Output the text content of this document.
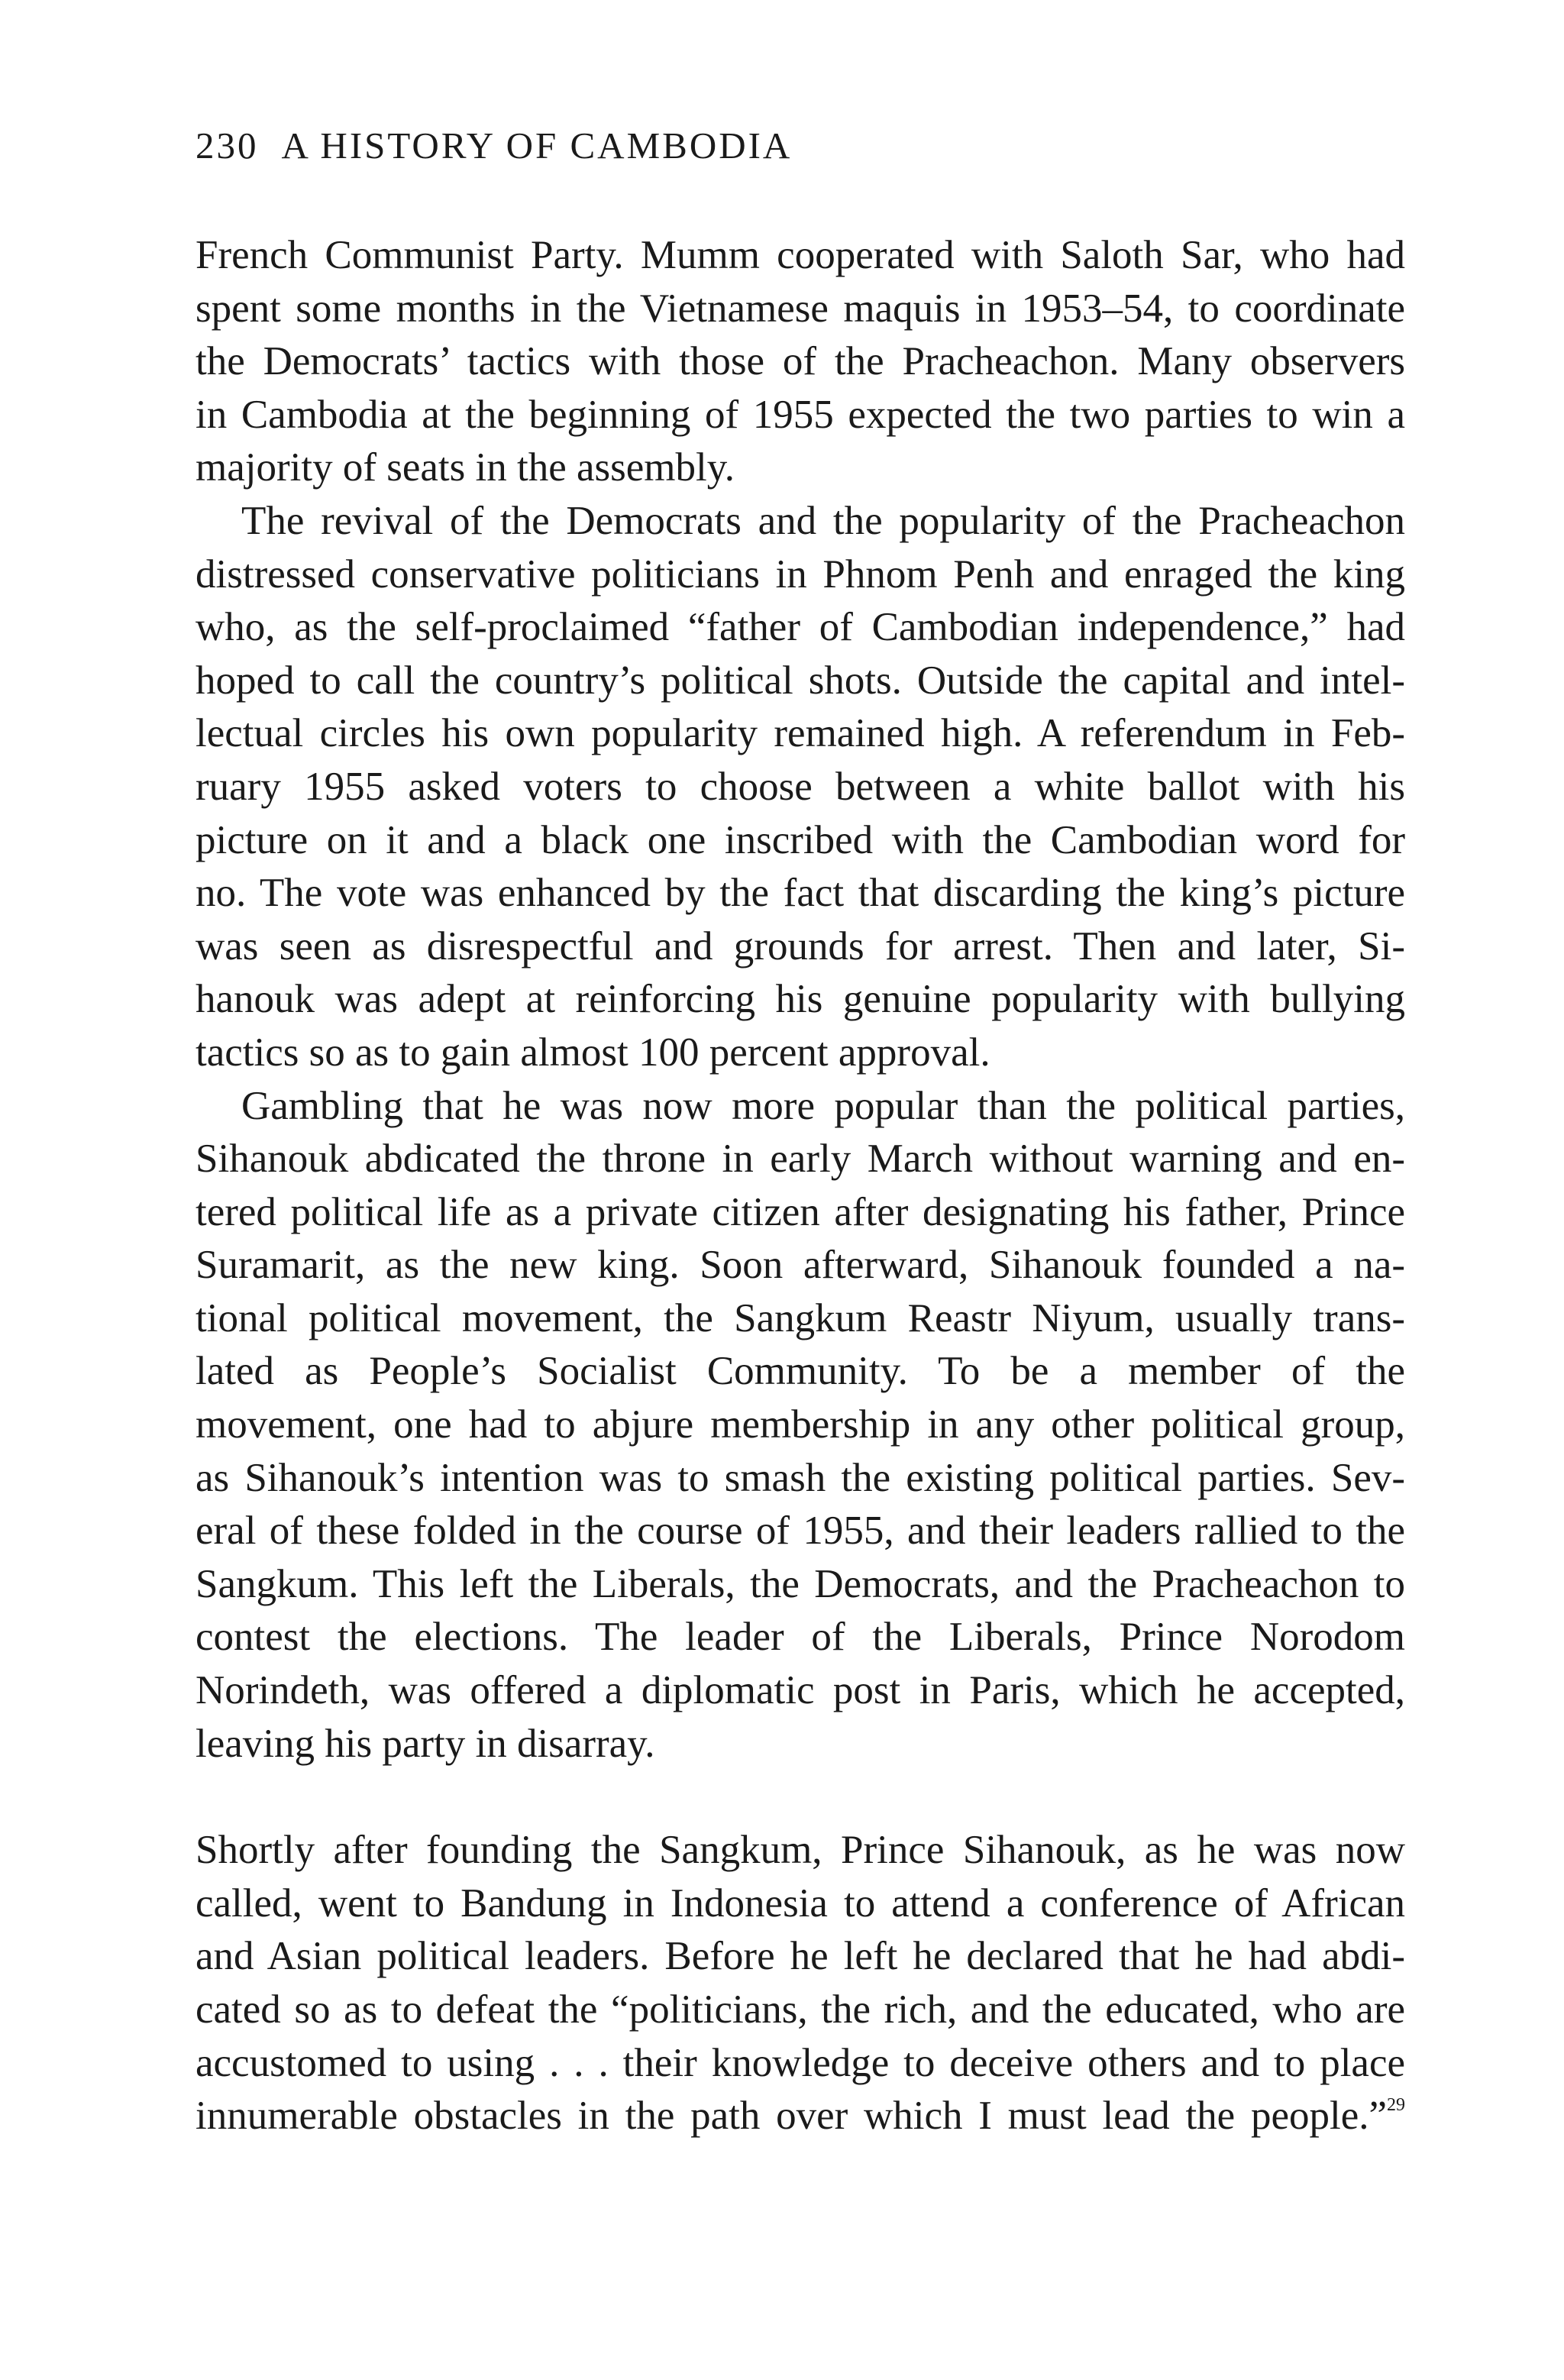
230 A HISTORY OF CAMBODIA
French Communist Party. Mumm cooperated with Saloth Sar, who had
spent some months in the Vietnamese maquis in 1953–54, to coordinate
the Democrats’ tactics with those of the Pracheachon. Many observers
in Cambodia at the beginning of 1955 expected the two parties to win a
majority of seats in the assembly.
The revival of the Democrats and the popularity of the Pracheachon
distressed conservative politicians in Phnom Penh and enraged the king
who, as the self-proclaimed “father of Cambodian independence,” had
hoped to call the country’s political shots. Outside the capital and intel-
lectual circles his own popularity remained high. A referendum in Feb-
ruary 1955 asked voters to choose between a white ballot with his
picture on it and a black one inscribed with the Cambodian word for
no. The vote was enhanced by the fact that discarding the king’s picture
was seen as disrespectful and grounds for arrest. Then and later, Si-
hanouk was adept at reinforcing his genuine popularity with bullying
tactics so as to gain almost 100 percent approval.
Gambling that he was now more popular than the political parties,
Sihanouk abdicated the throne in early March without warning and en-
tered political life as a private citizen after designating his father, Prince
Suramarit, as the new king. Soon afterward, Sihanouk founded a na-
tional political movement, the Sangkum Reastr Niyum, usually trans-
lated as People’s Socialist Community. To be a member of the
movement, one had to abjure membership in any other political group,
as Sihanouk’s intention was to smash the existing political parties. Sev-
eral of these folded in the course of 1955, and their leaders rallied to the
Sangkum. This left the Liberals, the Democrats, and the Pracheachon to
contest the elections. The leader of the Liberals, Prince Norodom
Norindeth, was offered a diplomatic post in Paris, which he accepted,
leaving his party in disarray.
Shortly after founding the Sangkum, Prince Sihanouk, as he was now
called, went to Bandung in Indonesia to attend a conference of African
and Asian political leaders. Before he left he declared that he had abdi-
cated so as to defeat the “politicians, the rich, and the educated, who are
accustomed to using . . . their knowledge to deceive others and to place
innumerable obstacles in the path over which I must lead the people.”$^{29}$
